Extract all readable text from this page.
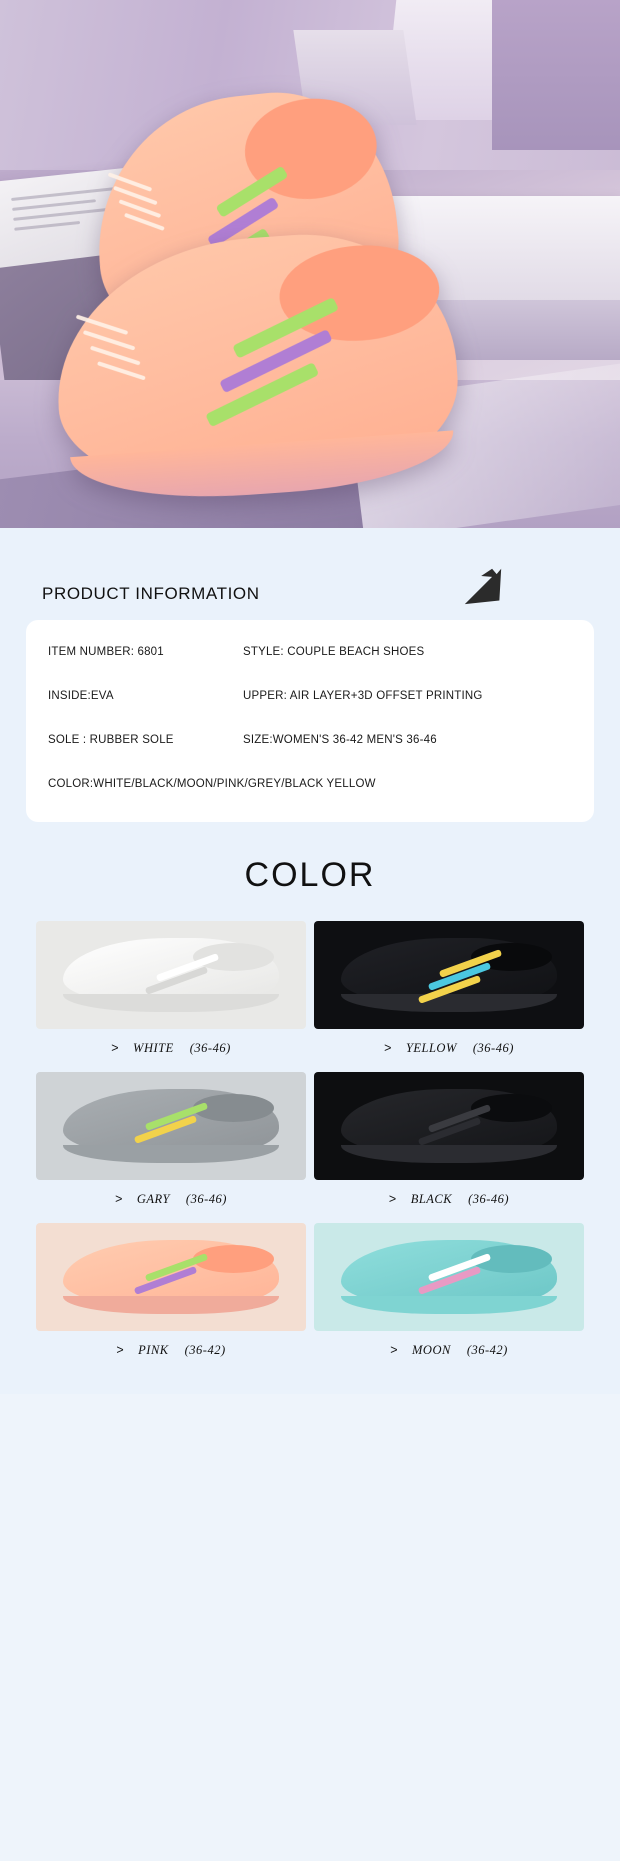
PRODUCT INFORMATION
ITEM NUMBER: 6801	STYLE: COUPLE BEACH SHOES
INSIDE:EVA	UPPER: AIR LAYER+3D OFFSET PRINTING
SOLE : RUBBER SOLE	SIZE:WOMEN'S 36-42 MEN'S 36-46
COLOR:WHITE/BLACK/MOON/PINK/GREY/BLACK YELLOW
COLOR
> WHITE (36-46)	> YELLOW (36-46)
> GARY (36-46)	> BLACK (36-46)
> PINK (36-42)	> MOON (36-42)
